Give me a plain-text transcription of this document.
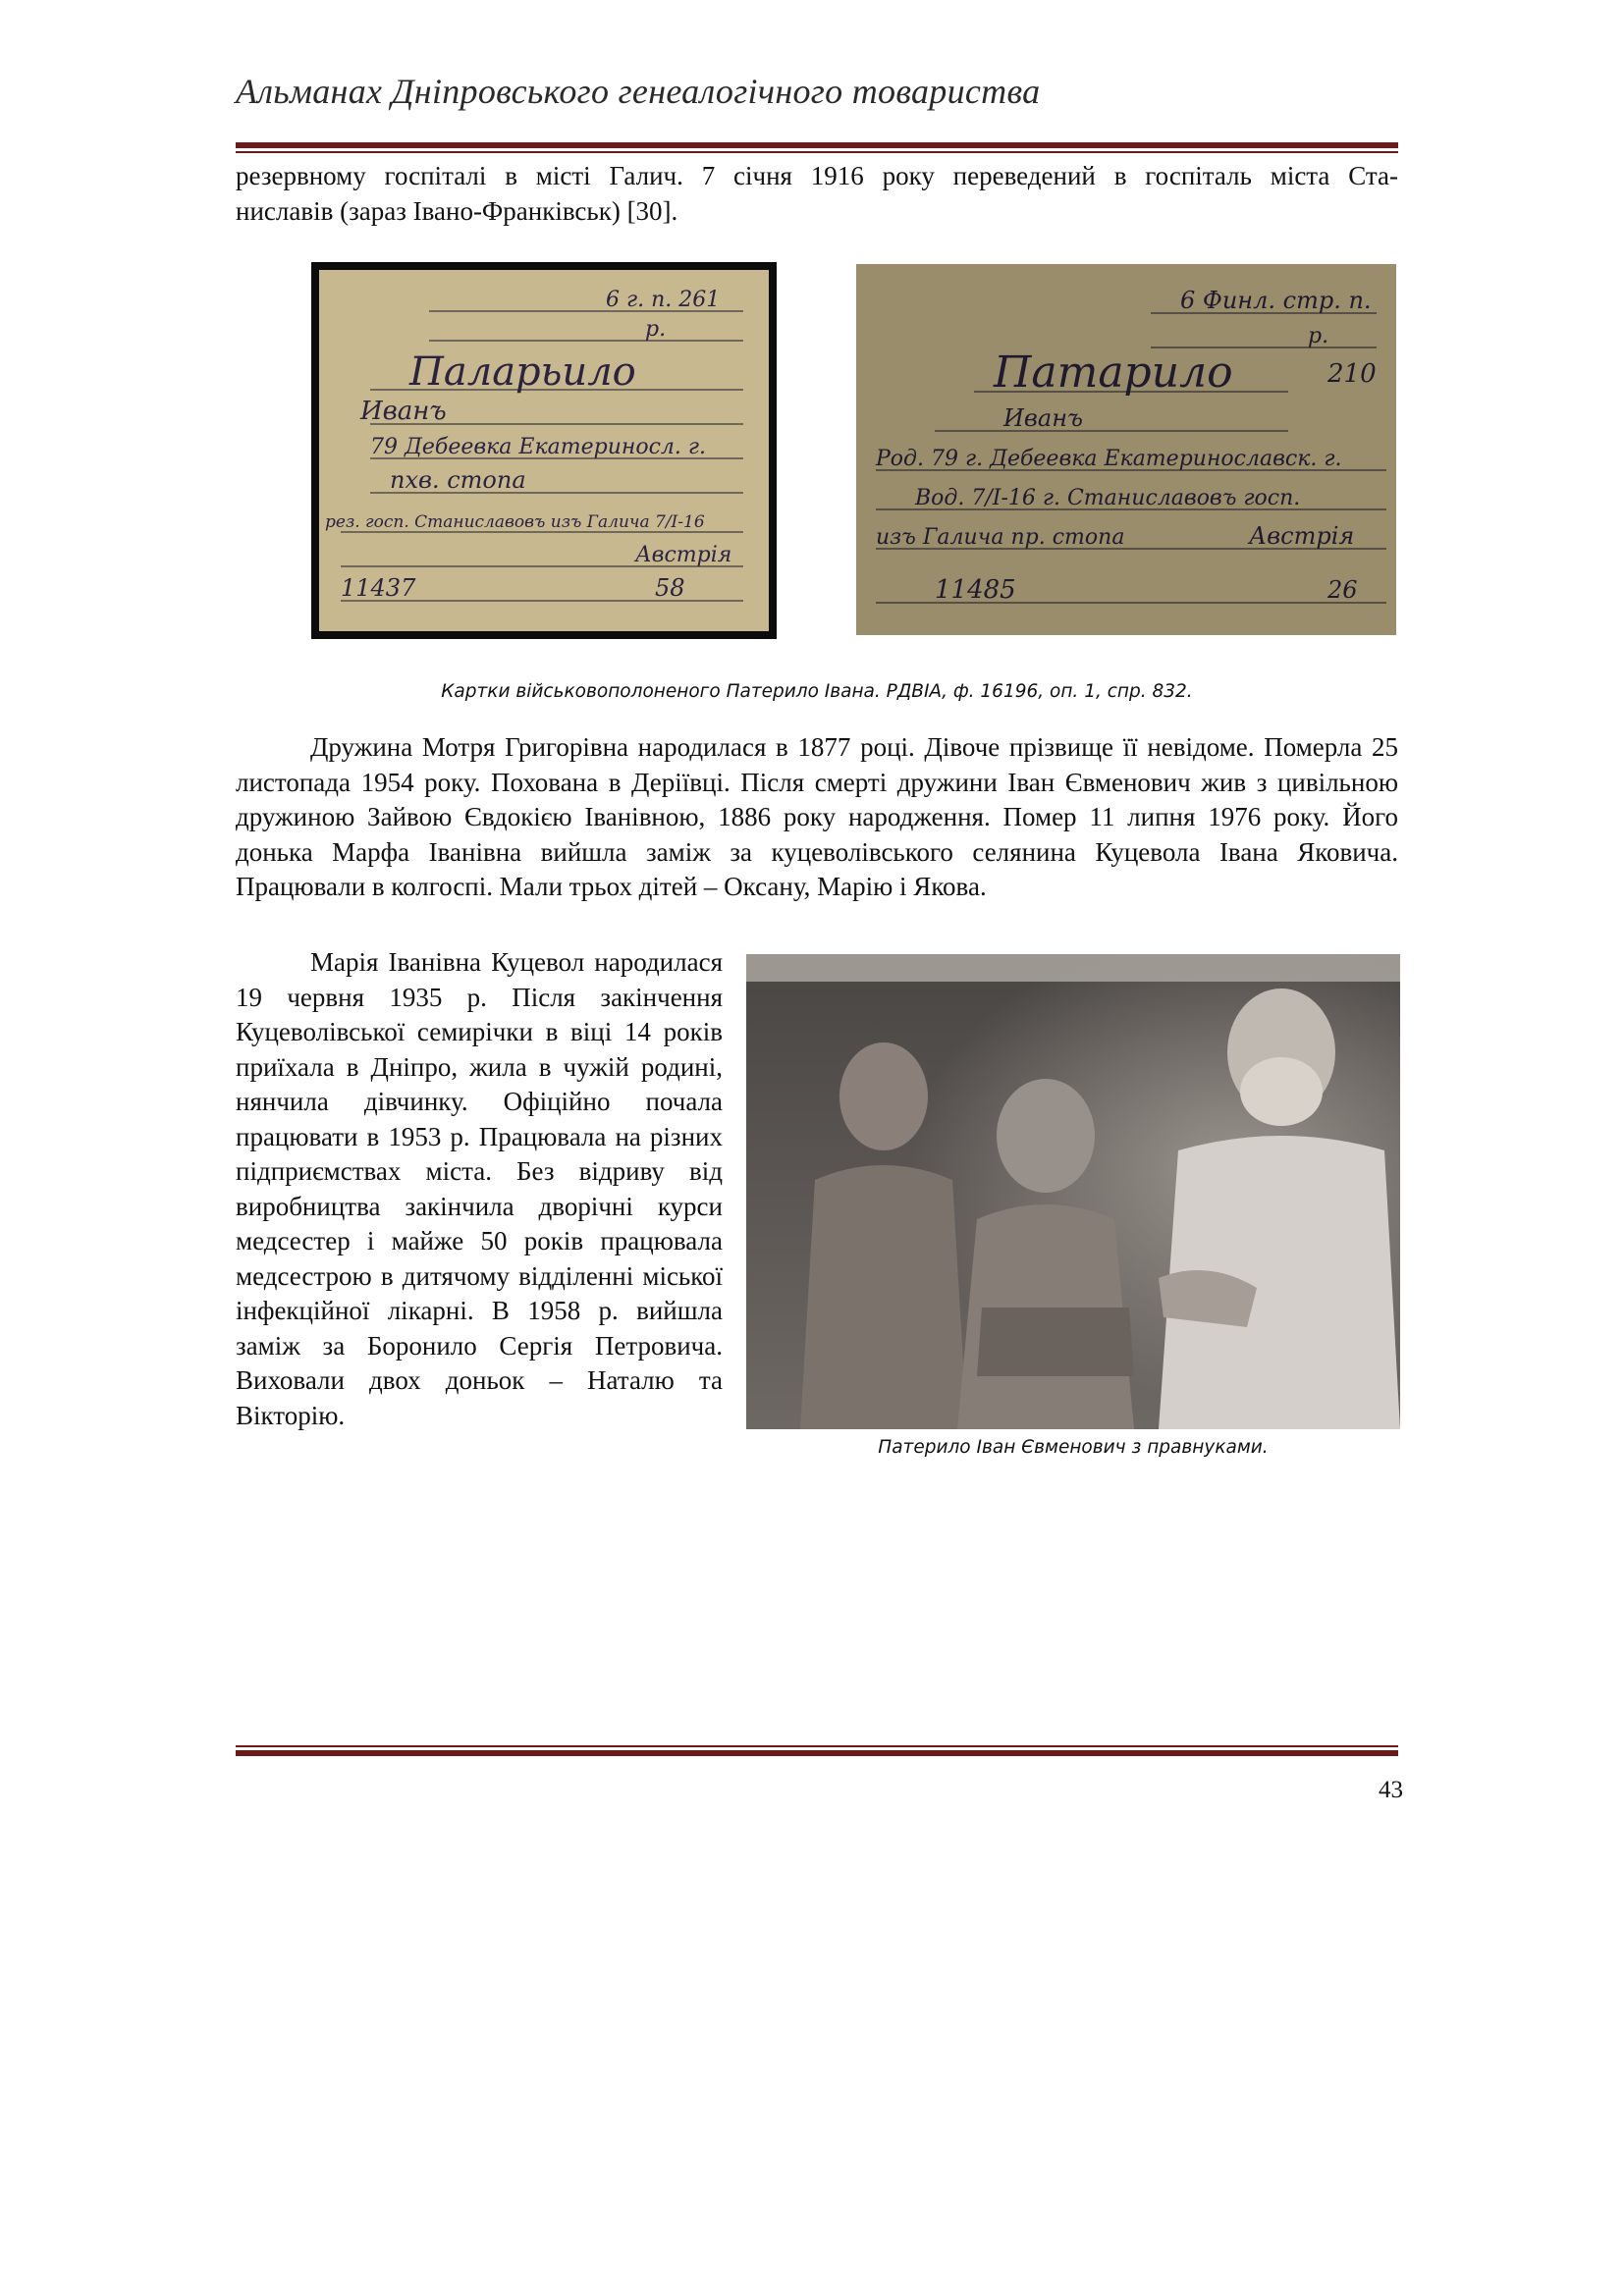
Альманах Дніпровського генеалогічного товариства

резервному госпіталі в місті Галич. 7 січня 1916 року переведений в госпіталь міста Ста-

ниславів (зараз Івано-Франківськ) [30].

6 г. п. 261
р.
Паларьило
Иванъ
79 Дебеевка Екатериносл. г.
пхв. стопа
рез. госп. Станиславовъ изъ Галича 7/I-16
Австрія
11437	58
6 Финл. стр. п.
р.
Патарило	210
Иванъ
Род. 79 г. Дебеевка Екатеринославск. г.
Вод. 7/I-16 г. Станиславовъ госп.
изъ Галича пр. стопа	Австрія
11485	26
Картки військовополоненого Патерило Івана. РДВІА, ф. 16196, оп. 1, спр. 832.
Дружина Мотря Григорівна народилася в 1877 році. Дівоче прізвище її невідоме. Померла 25 листопада 1954 року. Похована в Деріївці. Після смерті дружини Іван Євменович жив з цивільною дружиною Зайвою Євдокією Іванівною, 1886 року народження. Помер 11 липня 1976 року. Його донька Марфа Іванівна вийшла заміж за куцеволівського селянина Куцевола Івана Яковича. Працювали в колгоспі. Мали трьох дітей – Оксану, Марію і Якова.
Марія Іванівна Куцевол народилася 19 червня 1935 р. Після закінчення Куцеволівської семирічки в віці 14 років приїхала в Дніпро, жила в чужій родині, нянчила дівчинку. Офіційно почала працювати в 1953 р. Працювала на різних підприємствах міста. Без відриву від виробництва закінчила дворічні курси медсестер і майже 50 років працювала медсестрою в дитячому відділенні міської інфекційної лікарні. В 1958 р. вийшла заміж за Боронило Сергія Петровича. Виховали двох доньок – Наталю та Вікторію.
Патерило Іван Євменович з правнуками.
43
